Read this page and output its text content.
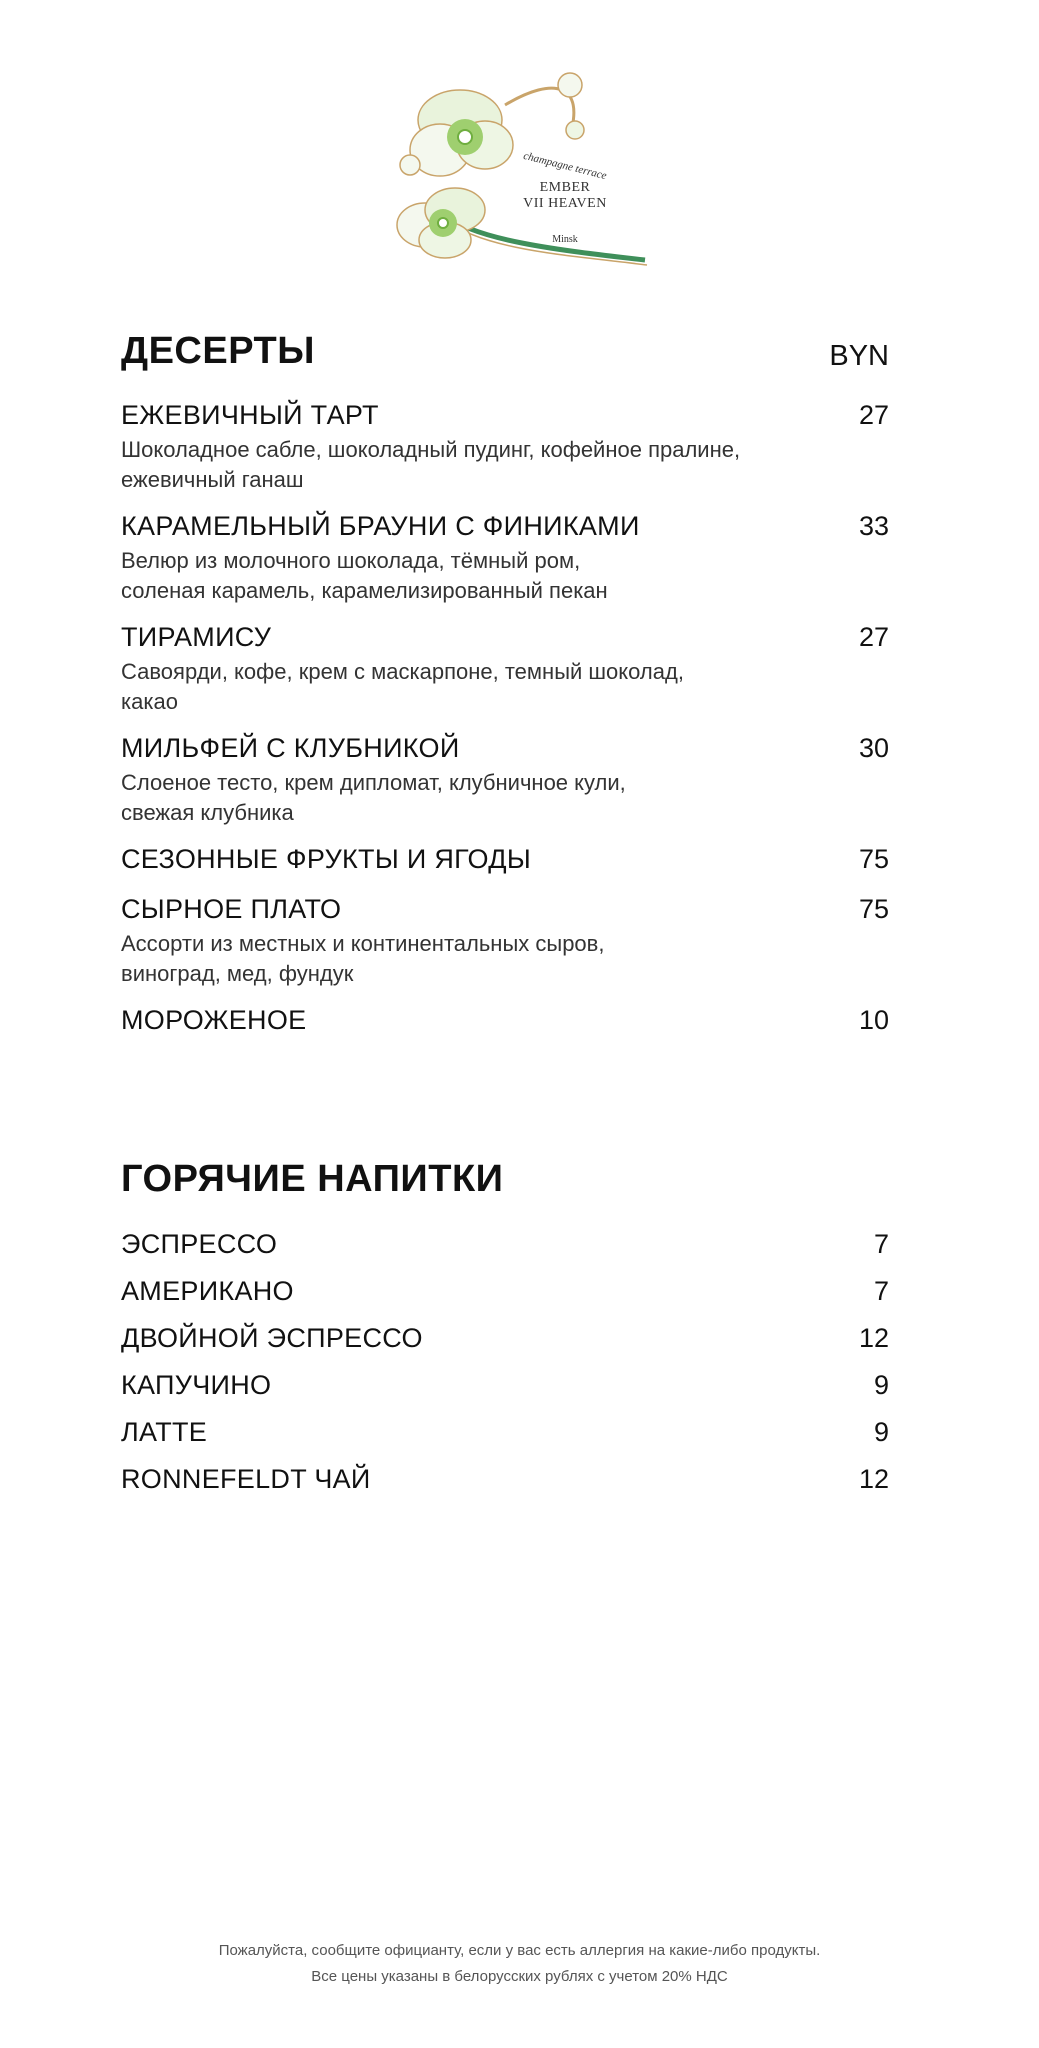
champagne terrace
EMBER
VII HEAVEN
Minsk
ДЕСЕРТЫ	BYN
ЕЖЕВИЧНЫЙ ТАРТ	27
Шоколадное сабле, шоколадный пудинг, кофейное пралине,
ежевичный ганаш
КАРАМЕЛЬНЫЙ БРАУНИ С ФИНИКАМИ	33
Велюр из молочного шоколада, тёмный ром,
соленая карамель, карамелизированный пекан
ТИРАМИСУ	27
Савоярди, кофе, крем с маскарпоне, темный шоколад,
какао
МИЛЬФЕЙ С КЛУБНИКОЙ	30
Слоеное тесто, крем дипломат, клубничное кули,
свежая клубника
СЕЗОННЫЕ ФРУКТЫ И ЯГОДЫ	75
СЫРНОЕ ПЛАТО	75
Ассорти из местных и континентальных сыров,
виноград, мед, фундук
МОРОЖЕНОЕ	10
ГОРЯЧИЕ НАПИТКИ
ЭСПРЕССО	7
АМЕРИКАНО	7
ДВОЙНОЙ ЭСПРЕССО	12
КАПУЧИНО	9
ЛАТТЕ	9
RONNEFELDT ЧАЙ	12
Пожалуйста, сообщите официанту, если у вас есть аллергия на какие-либо продукты.
Все цены указаны в белорусских рублях с учетом 20% НДС
